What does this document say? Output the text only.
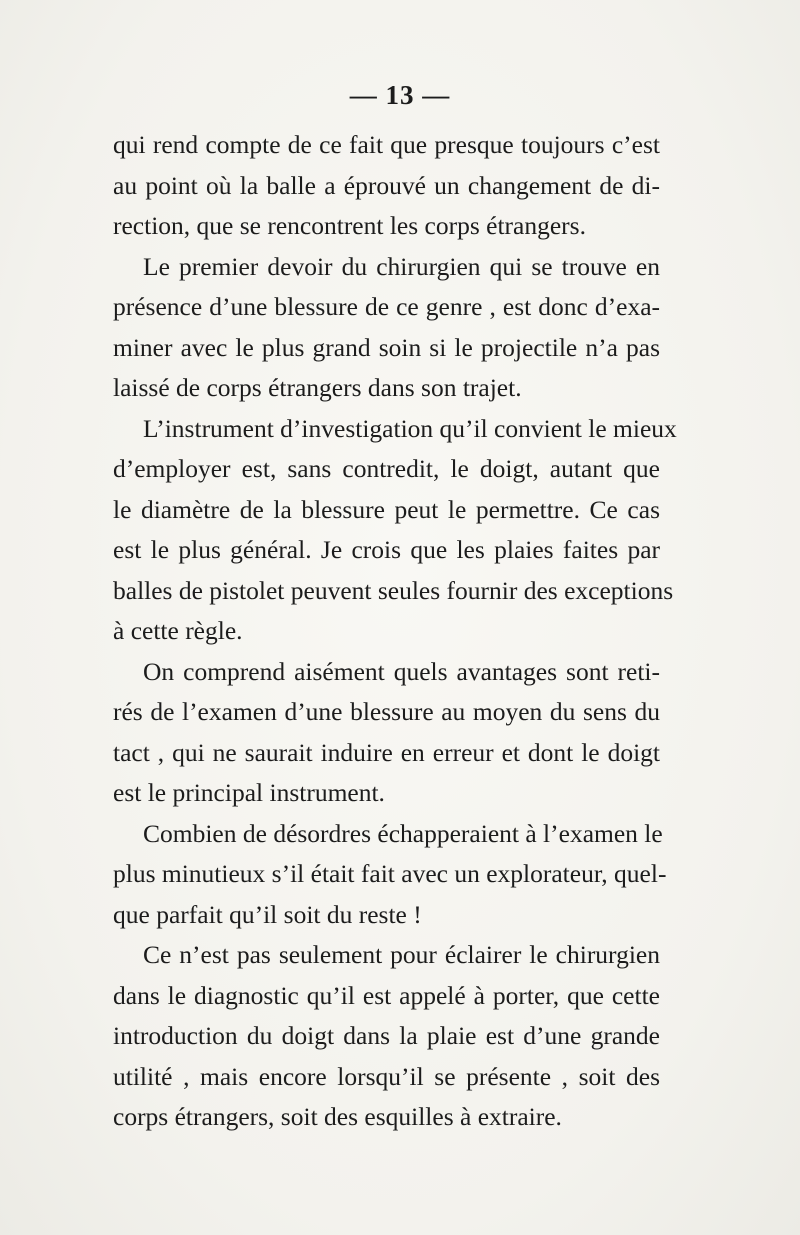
— 13 —
qui rend compte de ce fait que presque toujours c’est
au point où la balle a éprouvé un changement de di-
rection, que se rencontrent les corps étrangers.
Le premier devoir du chirurgien qui se trouve en
présence d’une blessure de ce genre , est donc d’exa-
miner avec le plus grand soin si le projectile n’a pas
laissé de corps étrangers dans son trajet.
L’instrument d’investigation qu’il convient le mieux
d’employer est, sans contredit, le doigt, autant que
le diamètre de la blessure peut le permettre. Ce cas
est le plus général. Je crois que les plaies faites par
balles de pistolet peuvent seules fournir des exceptions
à cette règle.
On comprend aisément quels avantages sont reti-
rés de l’examen d’une blessure au moyen du sens du
tact , qui ne saurait induire en erreur et dont le doigt
est le principal instrument.
Combien de désordres échapperaient à l’examen le
plus minutieux s’il était fait avec un explorateur, quel-
que parfait qu’il soit du reste !
Ce n’est pas seulement pour éclairer le chirurgien
dans le diagnostic qu’il est appelé à porter, que cette
introduction du doigt dans la plaie est d’une grande
utilité , mais encore lorsqu’il se présente , soit des
corps étrangers, soit des esquilles à extraire.
